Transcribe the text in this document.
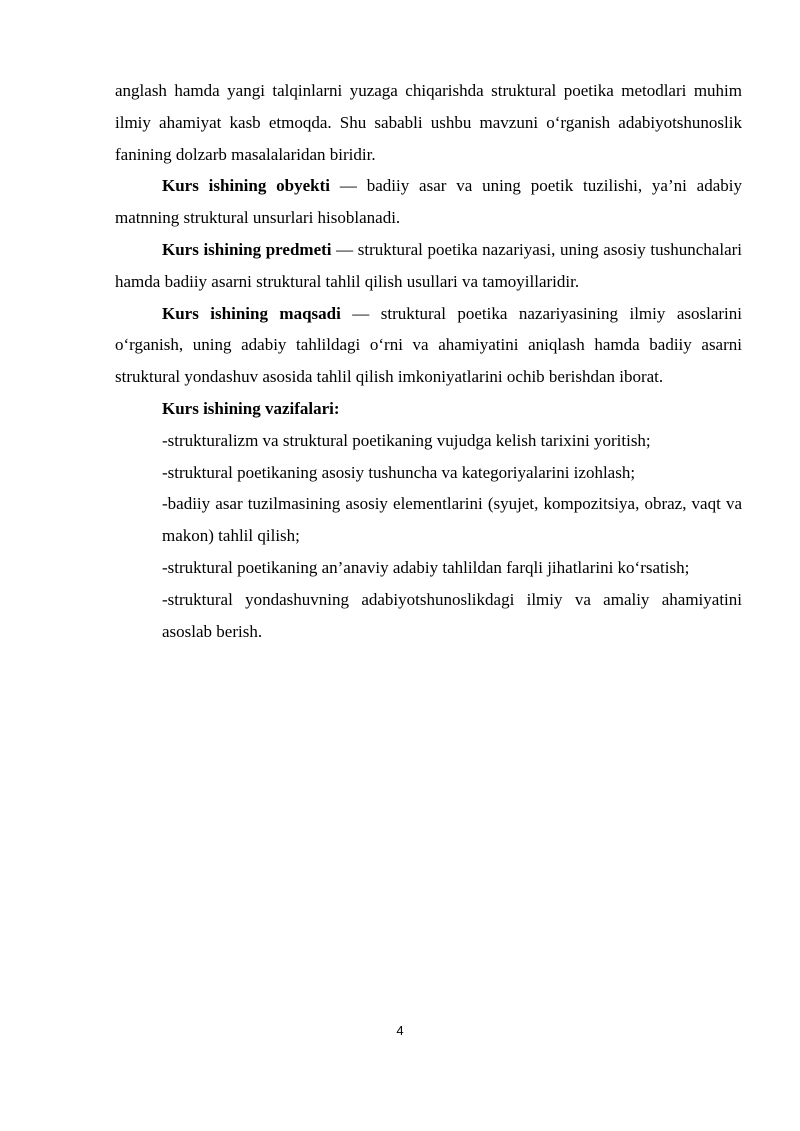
anglash hamda yangi talqinlarni yuzaga chiqarishda struktural poetika metodlari muhim ilmiy ahamiyat kasb etmoqda. Shu sababli ushbu mavzuni o‘rganish adabiyotshunoslik fanining dolzarb masalalaridan biridir.

Kurs ishining obyekti — badiiy asar va uning poetik tuzilishi, ya’ni adabiy matnning struktural unsurlari hisoblanadi.

Kurs ishining predmeti — struktural poetika nazariyasi, uning asosiy tushunchalari hamda badiiy asarni struktural tahlil qilish usullari va tamoyillaridir.

Kurs ishining maqsadi — struktural poetika nazariyasining ilmiy asoslarini o‘rganish, uning adabiy tahlildagi o‘rni va ahamiyatini aniqlash hamda badiiy asarni struktural yondashuv asosida tahlil qilish imkoniyatlarini ochib berishdan iborat.

Kurs ishining vazifalari:

-strukturalizm va struktural poetikaning vujudga kelish tarixini yoritish;

-struktural poetikaning asosiy tushuncha va kategoriyalarini izohlash;

-badiiy asar tuzilmasining asosiy elementlarini (syujet, kompozitsiya, obraz, vaqt va makon) tahlil qilish;

-struktural poetikaning an’anaviy adabiy tahlildan farqli jihatlarini ko‘rsatish;

-struktural yondashuvning adabiyotshunoslikdagi ilmiy va amaliy ahamiyatini asoslab berish.

4
